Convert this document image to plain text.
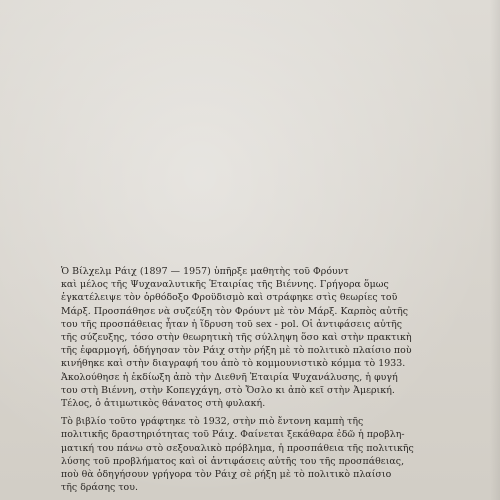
Ὁ Βίλχελμ Ράιχ (1897 — 1957) ὑπῆρξε μαθητὴς τοῦ Φρόυντ
καὶ μέλος τῆς Ψυχαναλυτικῆς Ἑταιρίας τῆς Βιέννης. Γρήγορα ὅμως
ἐγκατέλειψε τὸν ὀρθόδοξο Φροϋδισμὸ καὶ στράφηκε στὶς θεωρίες τοῦ
Μάρξ. Προσπάθησε νὰ συζεύξη τὸν Φρόυντ μὲ τὸν Μάρξ. Καρπὸς αὐτῆς
του τῆς προσπάθειας ἦταν ἡ ἵδρυση τοῦ sex - pol. Οἱ ἀντιφάσεις αὐτῆς
τῆς σύζευξης, τόσο στὴν θεωρητικὴ τῆς σύλληψη ὅσο καὶ στὴν πρακτικὴ
τῆς ἐφαρμογή, ὁδήγησαν τὸν Ράιχ στὴν ρήξη μὲ τὸ πολιτικὸ πλαίσιο ποὺ
κινήθηκε καὶ στὴν διαγραφή του ἀπὸ τὸ κομμουνιστικὸ κόμμα τὸ 1933.
Ἀκολούθησε ἡ ἐκδίωξη ἀπὸ τὴν Διεθνῆ Ἑταιρία Ψυχανάλυσης, ἡ φυγή
του στὴ Βιέννη, στὴν Κοπεγχάγη, στὸ Ὄσλο κι ἀπὸ κεῖ στὴν Ἀμερική.
Τέλος, ὁ ἀτιμωτικὸς θάνατος στὴ φυλακή.

Τὸ βιβλίο τοῦτο γράφτηκε τὸ 1932, στὴν πιὸ ἔντονη καμπὴ τῆς
πολιτικῆς δραστηριότητας τοῦ Ράιχ. Φαίνεται ξεκάθαρα ἐδῶ ἡ προβλη-
ματική του πάνω στὸ σεξουαλικὸ πρόβλημα, ἡ προσπάθεια τῆς πολιτικῆς
λύσης τοῦ προβλήματος καὶ οἱ ἀντιφάσεις αὐτῆς του τῆς προσπάθειας,
ποὺ θὰ ὁδηγήσουν γρήγορα τὸν Ράιχ σὲ ρήξη μὲ τὸ πολιτικὸ πλαίσιο
τῆς δράσης του.
